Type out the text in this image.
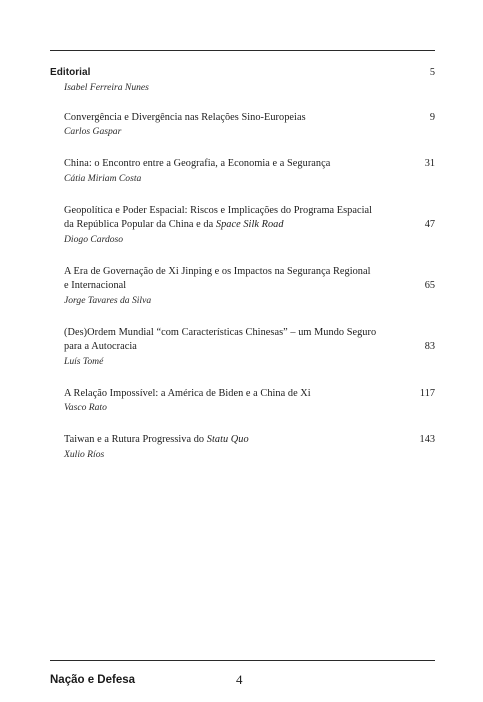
Editorial
Isabel Ferreira Nunes
5
Convergência e Divergência nas Relações Sino-Europeias
Carlos Gaspar
9
China: o Encontro entre a Geografia, a Economia e a Segurança
Cátia Miriam Costa
31
Geopolítica e Poder Espacial: Riscos e Implicações do Programa Espacial
da República Popular da China e da Space Silk Road
Diogo Cardoso
47
A Era de Governação de Xi Jinping e os Impactos na Segurança Regional
e Internacional
Jorge Tavares da Silva
65
(Des)Ordem Mundial “com Características Chinesas” – um Mundo Seguro
para a Autocracia
Luís Tomé
83
A Relação Impossível: a América de Biden e a China de Xi
Vasco Rato
117
Taiwan e a Rutura Progressiva do Statu Quo
Xulio Ríos
143
Nação e Defesa	4
